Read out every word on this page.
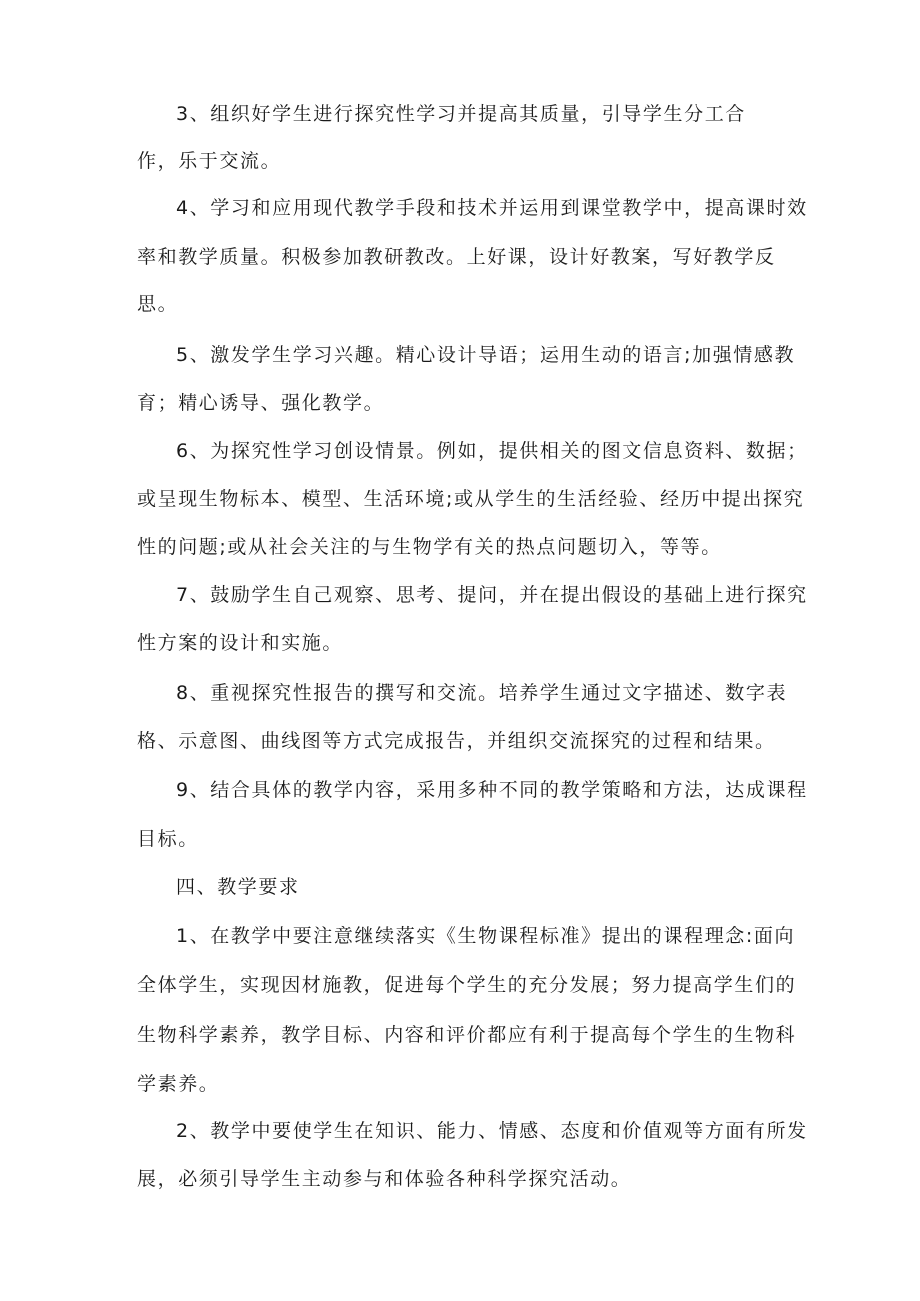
3、组织好学生进行探究性学习并提高其质量，引导学生分工合

作，乐于交流。

4、学习和应用现代教学手段和技术并运用到课堂教学中，提高课时效

率和教学质量。积极参加教研教改。上好课，设计好教案，写好教学反

思。

5、激发学生学习兴趣。精心设计导语；运用生动的语言;加强情感教

育；精心诱导、强化教学。

6、为探究性学习创设情景。例如，提供相关的图文信息资料、数据；

或呈现生物标本、模型、生活环境;或从学生的生活经验、经历中提出探究

性的问题;或从社会关注的与生物学有关的热点问题切入，等等。

7、鼓励学生自己观察、思考、提问，并在提出假设的基础上进行探究

性方案的设计和实施。

8、重视探究性报告的撰写和交流。培养学生通过文字描述、数字表

格、示意图、曲线图等方式完成报告，并组织交流探究的过程和结果。

9、结合具体的教学内容，采用多种不同的教学策略和方法，达成课程

目标。

四、教学要求

1、在教学中要注意继续落实《生物课程标准》提出的课程理念:面向

全体学生，实现因材施教，促进每个学生的充分发展；努力提高学生们的

生物科学素养，教学目标、内容和评价都应有利于提高每个学生的生物科

学素养。

2、教学中要使学生在知识、能力、情感、态度和价值观等方面有所发

展，必须引导学生主动参与和体验各种科学探究活动。
